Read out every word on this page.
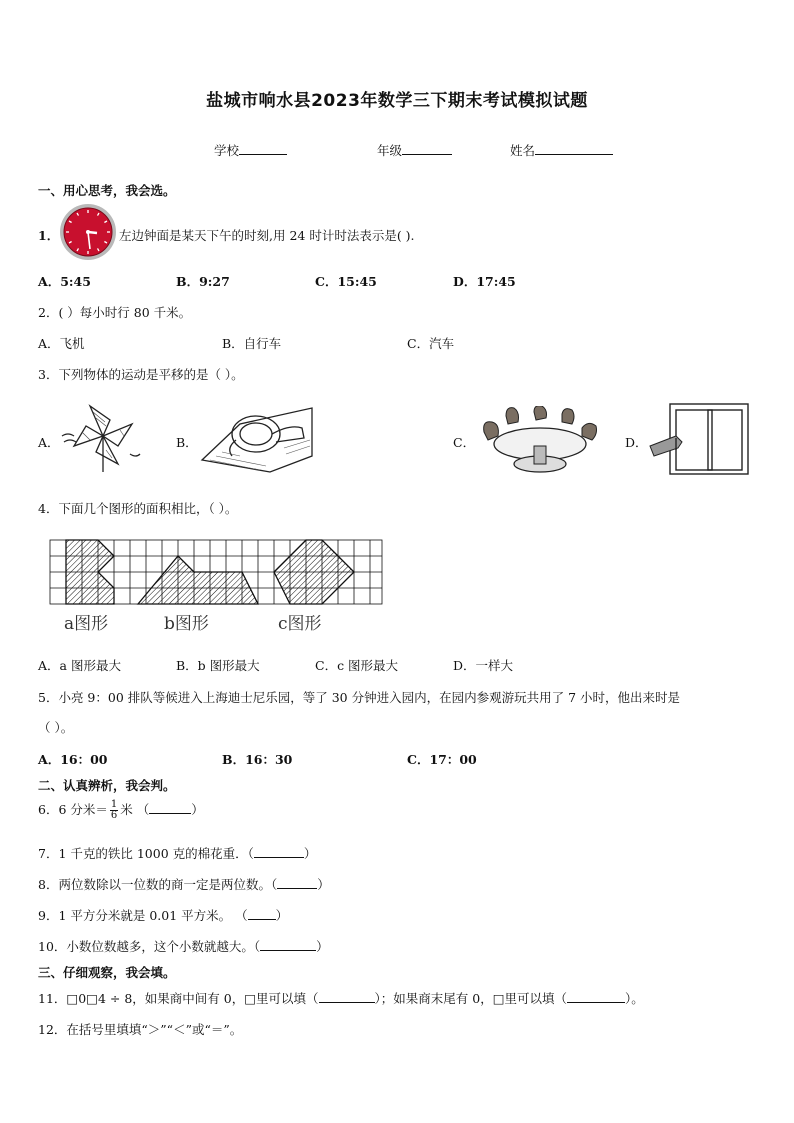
盐城市响水县2023年数学三下期末考试模拟试题
学校	年级	姓名
一、用心思考，我会选。
1．	左边钟面是某天下午的时刻,用 24 时计时法表示是( ).
A．5:45	B．9:27	C．15:45	D．17:45
2．( ）每小时行 80 千米。
A．飞机	B．自行车	C．汽车
3．下列物体的运动是平移的是（ ）。
A．	B．	C．	D．
4．下面几个图形的面积相比，（ ）。
a图形	b图形	c图形
A．a 图形最大	B．b 图形最大	C．c 图形最大	D．一样大
5．小亮 9：00 排队等候进入上海迪士尼乐园，等了 30 分钟进入园内，在园内参观游玩共用了 7 小时，他出来时是
（ ）。
A．16：00	B．16：30	C．17：00
二、认真辨析，我会判。
6．6 分米＝ $\frac{1}{6}$ 米 （	）
7．1 千克的铁比 1000 克的棉花重．（	）
8．两位数除以一位数的商一定是两位数。（	）
9．1 平方分米就是 0.01 平方米。 （ ）
10．小数位数越多，这个小数就越大。（	）
三、仔细观察，我会填。
11．□0□4 ÷ 8，如果商中间有 0，□里可以填（	）；如果商末尾有 0，□里可以填（	）。
12．在括号里填填“＞”“＜”或“＝”。
